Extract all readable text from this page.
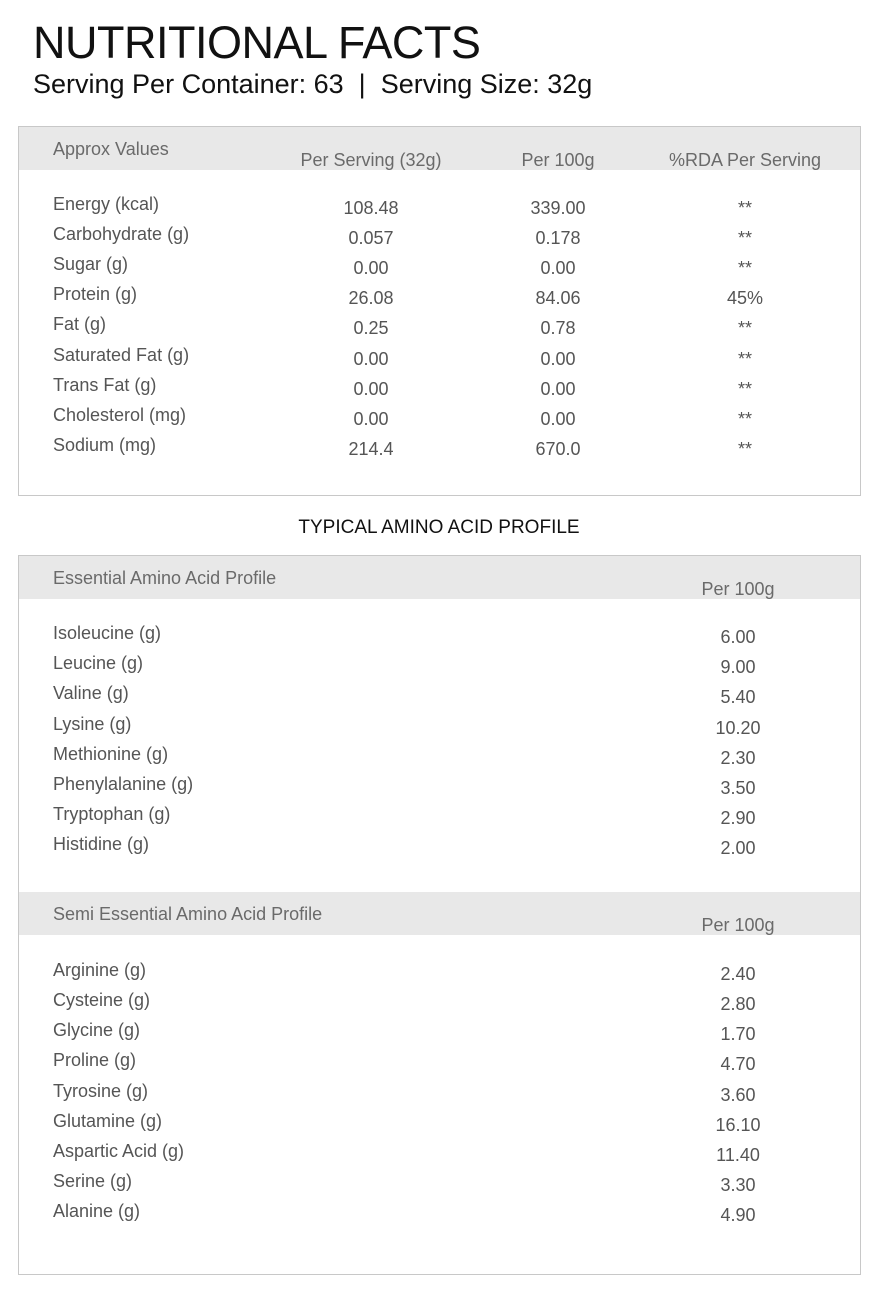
NUTRITIONAL FACTS
Serving Per Container: 63  |  Serving Size: 32g
Approx Values
Per Serving (32g)	Per 100g	%RDA Per Serving
Energy (kcal)	108.48	339.00	**
Carbohydrate (g)	0.057	0.178	**
Sugar (g)	0.00	0.00	**
Protein (g)	26.08	84.06	45%
Fat (g)	0.25	0.78	**
Saturated Fat (g)	0.00	0.00	**
Trans Fat (g)	0.00	0.00	**
Cholesterol (mg)	0.00	0.00	**
Sodium (mg)	214.4	670.0	**
TYPICAL AMINO ACID PROFILE
Essential Amino Acid Profile
Per 100g
Isoleucine (g)	6.00
Leucine (g)	9.00
Valine (g)	5.40
Lysine (g)	10.20
Methionine (g)	2.30
Phenylalanine (g)	3.50
Tryptophan (g)	2.90
Histidine (g)	2.00
Semi Essential Amino Acid Profile
Per 100g
Arginine (g)	2.40
Cysteine (g)	2.80
Glycine (g)	1.70
Proline (g)	4.70
Tyrosine (g)	3.60
Glutamine (g)	16.10
Aspartic Acid (g)	11.40
Serine (g)	3.30
Alanine (g)	4.90
